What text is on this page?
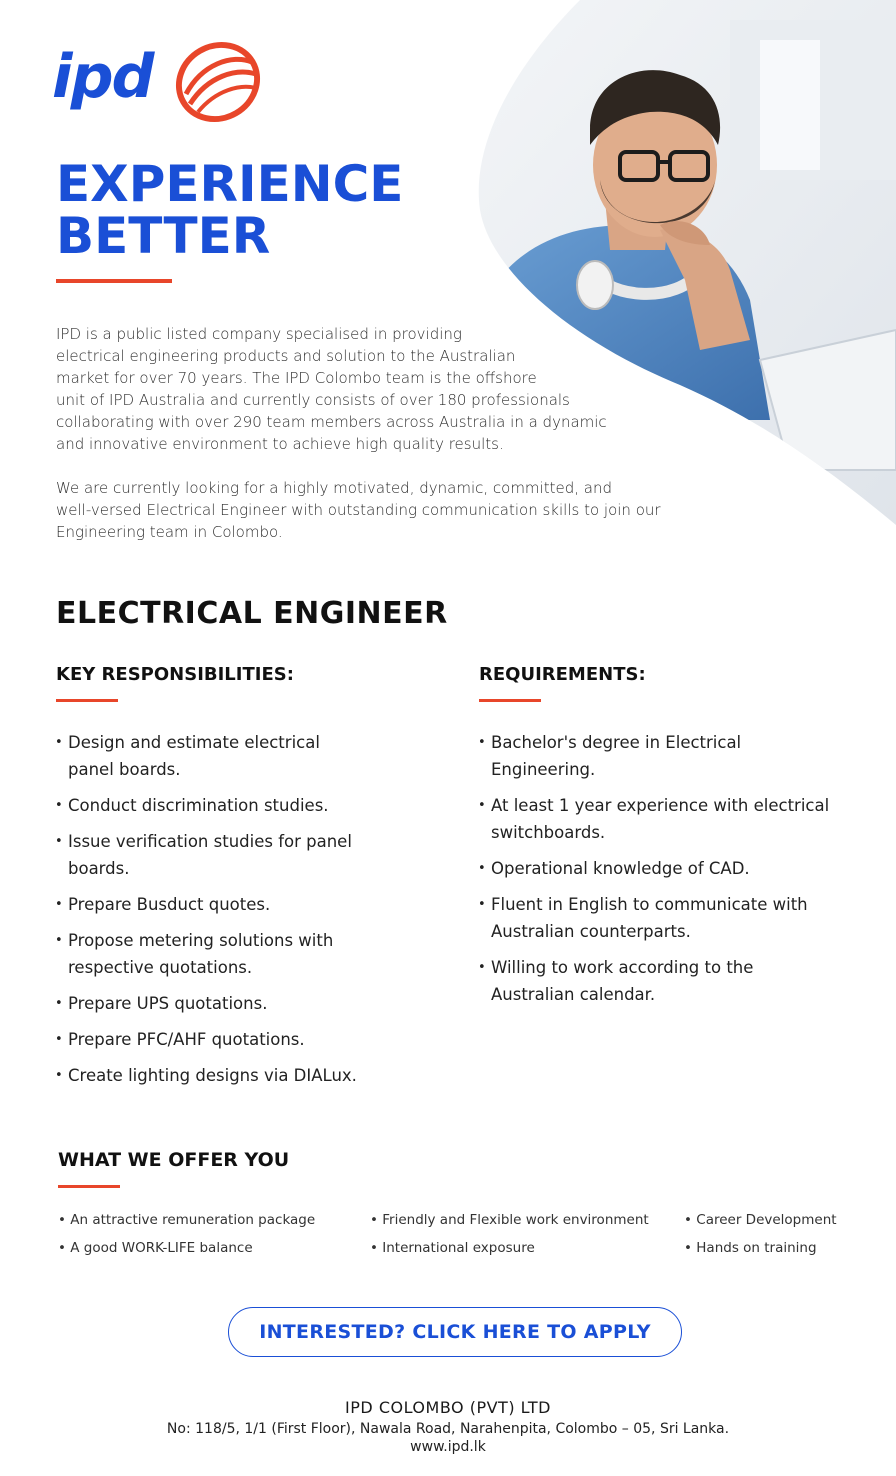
ipd
EXPERIENCE
BETTER

IPD is a public listed company specialised in providing
electrical engineering products and solution to the Australian
market for over 70 years. The IPD Colombo team is the offshore
unit of IPD Australia and currently consists of over 180 professionals
collaborating with over 290 team members across Australia in a dynamic
and innovative environment to achieve high quality results.

We are currently looking for a highly motivated, dynamic, committed, and
well-versed Electrical Engineer with outstanding communication skills to join our
Engineering team in Colombo.

ELECTRICAL ENGINEER
KEY RESPONSIBILITIES:
• Design and estimate electrical
panel boards.
• Conduct discrimination studies.
• Issue verification studies for panel
boards.
• Prepare Busduct quotes.
• Propose metering solutions with
respective quotations.
• Prepare UPS quotations.
• Prepare PFC/AHF quotations.
• Create lighting designs via DIALux.
REQUIREMENTS:
• Bachelor's degree in Electrical
Engineering.
• At least 1 year experience with electrical
switchboards.
• Operational knowledge of CAD.
• Fluent in English to communicate with
Australian counterparts.
• Willing to work according to the
Australian calendar.
WHAT WE OFFER YOU
• An attractive remuneration package	• Friendly and Flexible work environment	• Career Development
• A good WORK-LIFE balance	• International exposure	• Hands on training
INTERESTED? CLICK HERE TO APPLY
IPD COLOMBO (PVT) LTD
No: 118/5, 1/1 (First Floor), Nawala Road, Narahenpita, Colombo – 05, Sri Lanka.
www.ipd.lk
